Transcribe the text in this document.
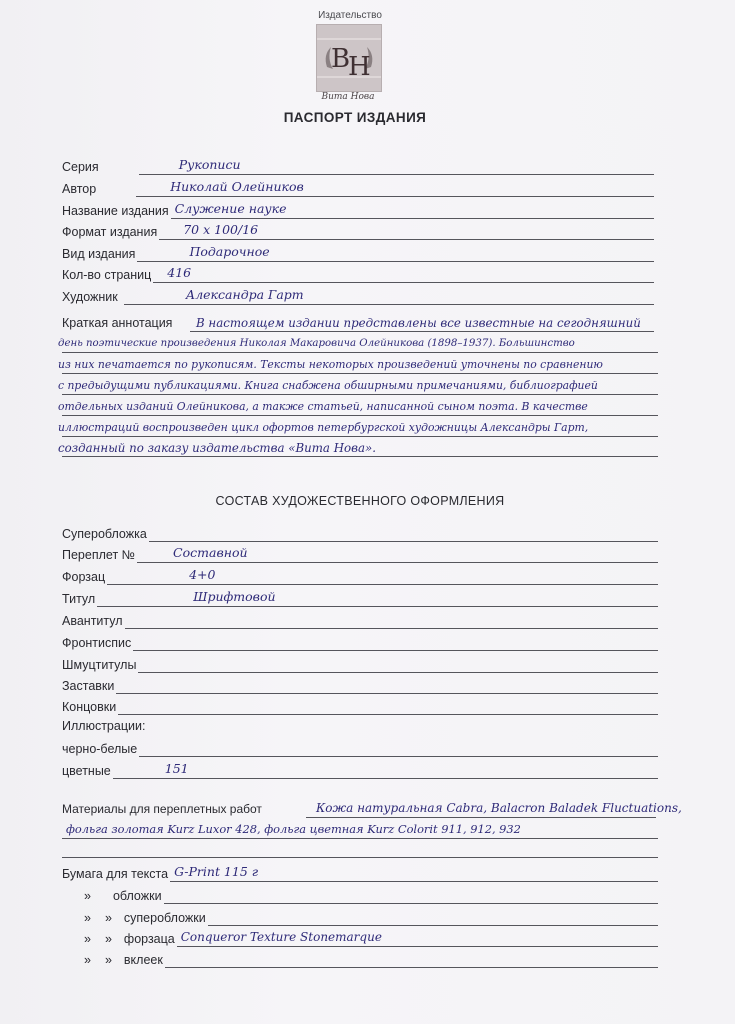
Издательство
В
Н
Вита Нова
ПАСПОРТ ИЗДАНИЯ
Серия	Рукописи
Автор	Николай Олейников
Название издания Служение науке
Формат издания 70 x 100/16
Вид издания	Подарочное
Кол-во страниц 416
Художник	Александра Гарт
Краткая аннотация В настоящем издании представлены все известные на сегодняшний
день поэтические произведения Николая Макаровича Олейникова (1898–1937). Большинство
из них печатается по рукописям. Тексты некоторых произведений уточнены по сравнению
с предыдущими публикациями. Книга снабжена обширными примечаниями, библиографией
отдельных изданий Олейникова, а также статьей, написанной сыном поэта. В качестве
иллюстраций воспроизведен цикл офортов петербургской художницы Александры Гарт,
созданный по заказу издательства «Вита Нова».
СОСТАВ ХУДОЖЕСТВЕННОГО ОФОРМЛЕНИЯ
Суперобложка
Переплет №	Составной
Форзац	4+0
Титул	Шрифтовой
Авантитул
Фронтиспис
Шмуцтитулы
Заставки
Концовки
Иллюстрации:
черно-белые
цветные	151
Материалы для переплетных работ	Кожа натуральная Cabra, Balacron Baladek Fluctuations,
фольга золотая Kurz Luxor 428, фольга цветная Kurz Colorit 911, 912, 932
Бумага для текста G-Print 115 г
» обложки
» » суперобложки
» » форзаца Conqueror Texture Stonemarque
» » вклеек
